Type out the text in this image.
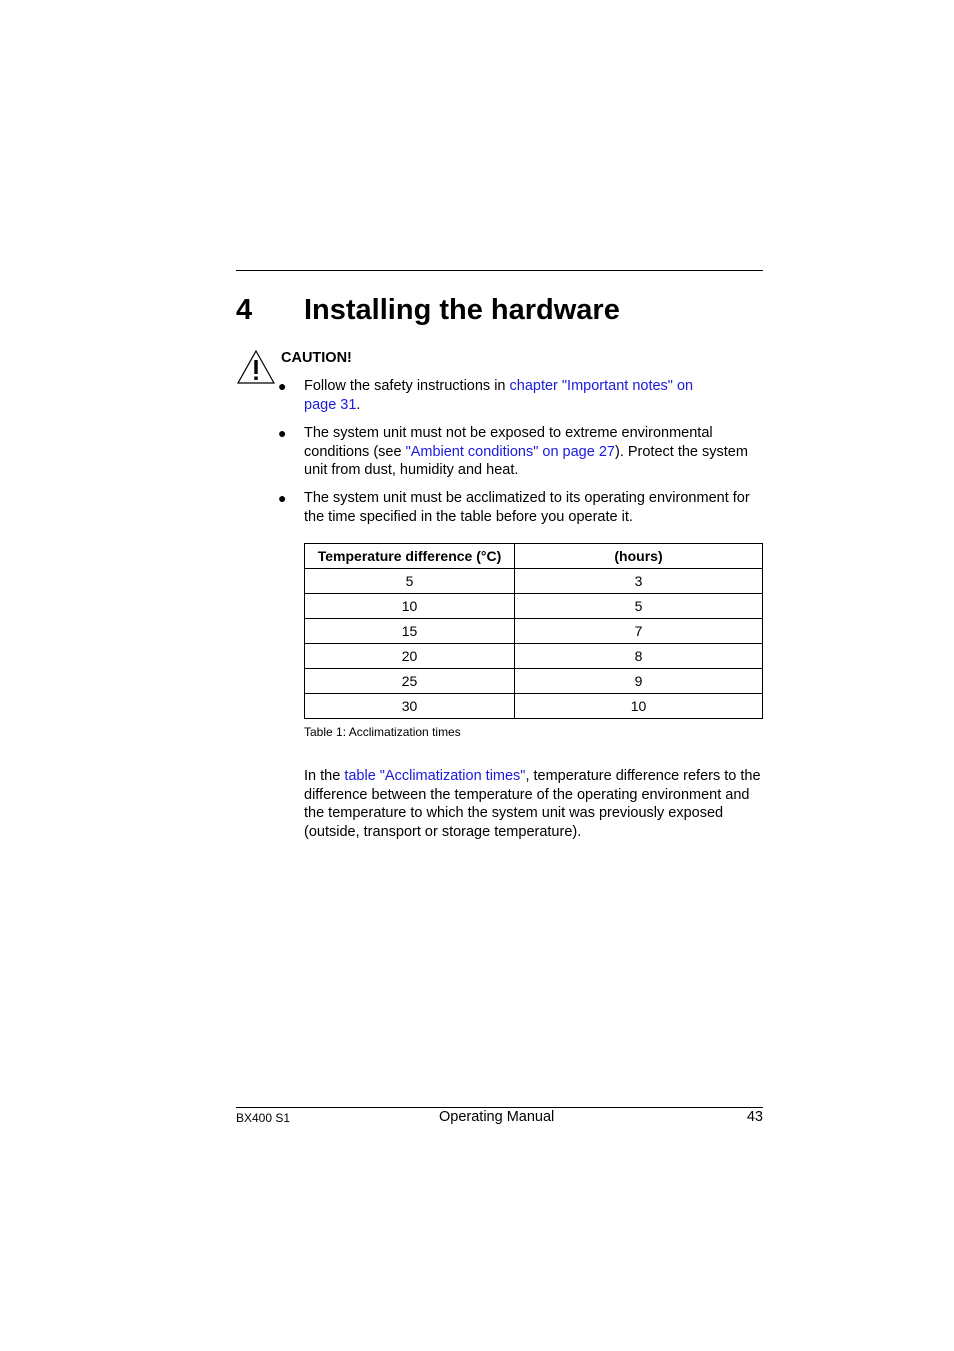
4 Installing the hardware
CAUTION!
● Follow the safety instructions in chapter "Important notes" on page 31.
● The system unit must not be exposed to extreme environmental conditions (see "Ambient conditions" on page 27). Protect the system unit from dust, humidity and heat.
● The system unit must be acclimatized to its operating environment for the time specified in the table before you operate it.
Temperature difference (°C)	(hours)
5	3
10	5
15	7
20	8
25	9
30	10
Table 1: Acclimatization times
In the table "Acclimatization times", temperature difference refers to the difference between the temperature of the operating environment and the temperature to which the system unit was previously exposed (outside, transport or storage temperature).
BX400 S1	Operating Manual	43
